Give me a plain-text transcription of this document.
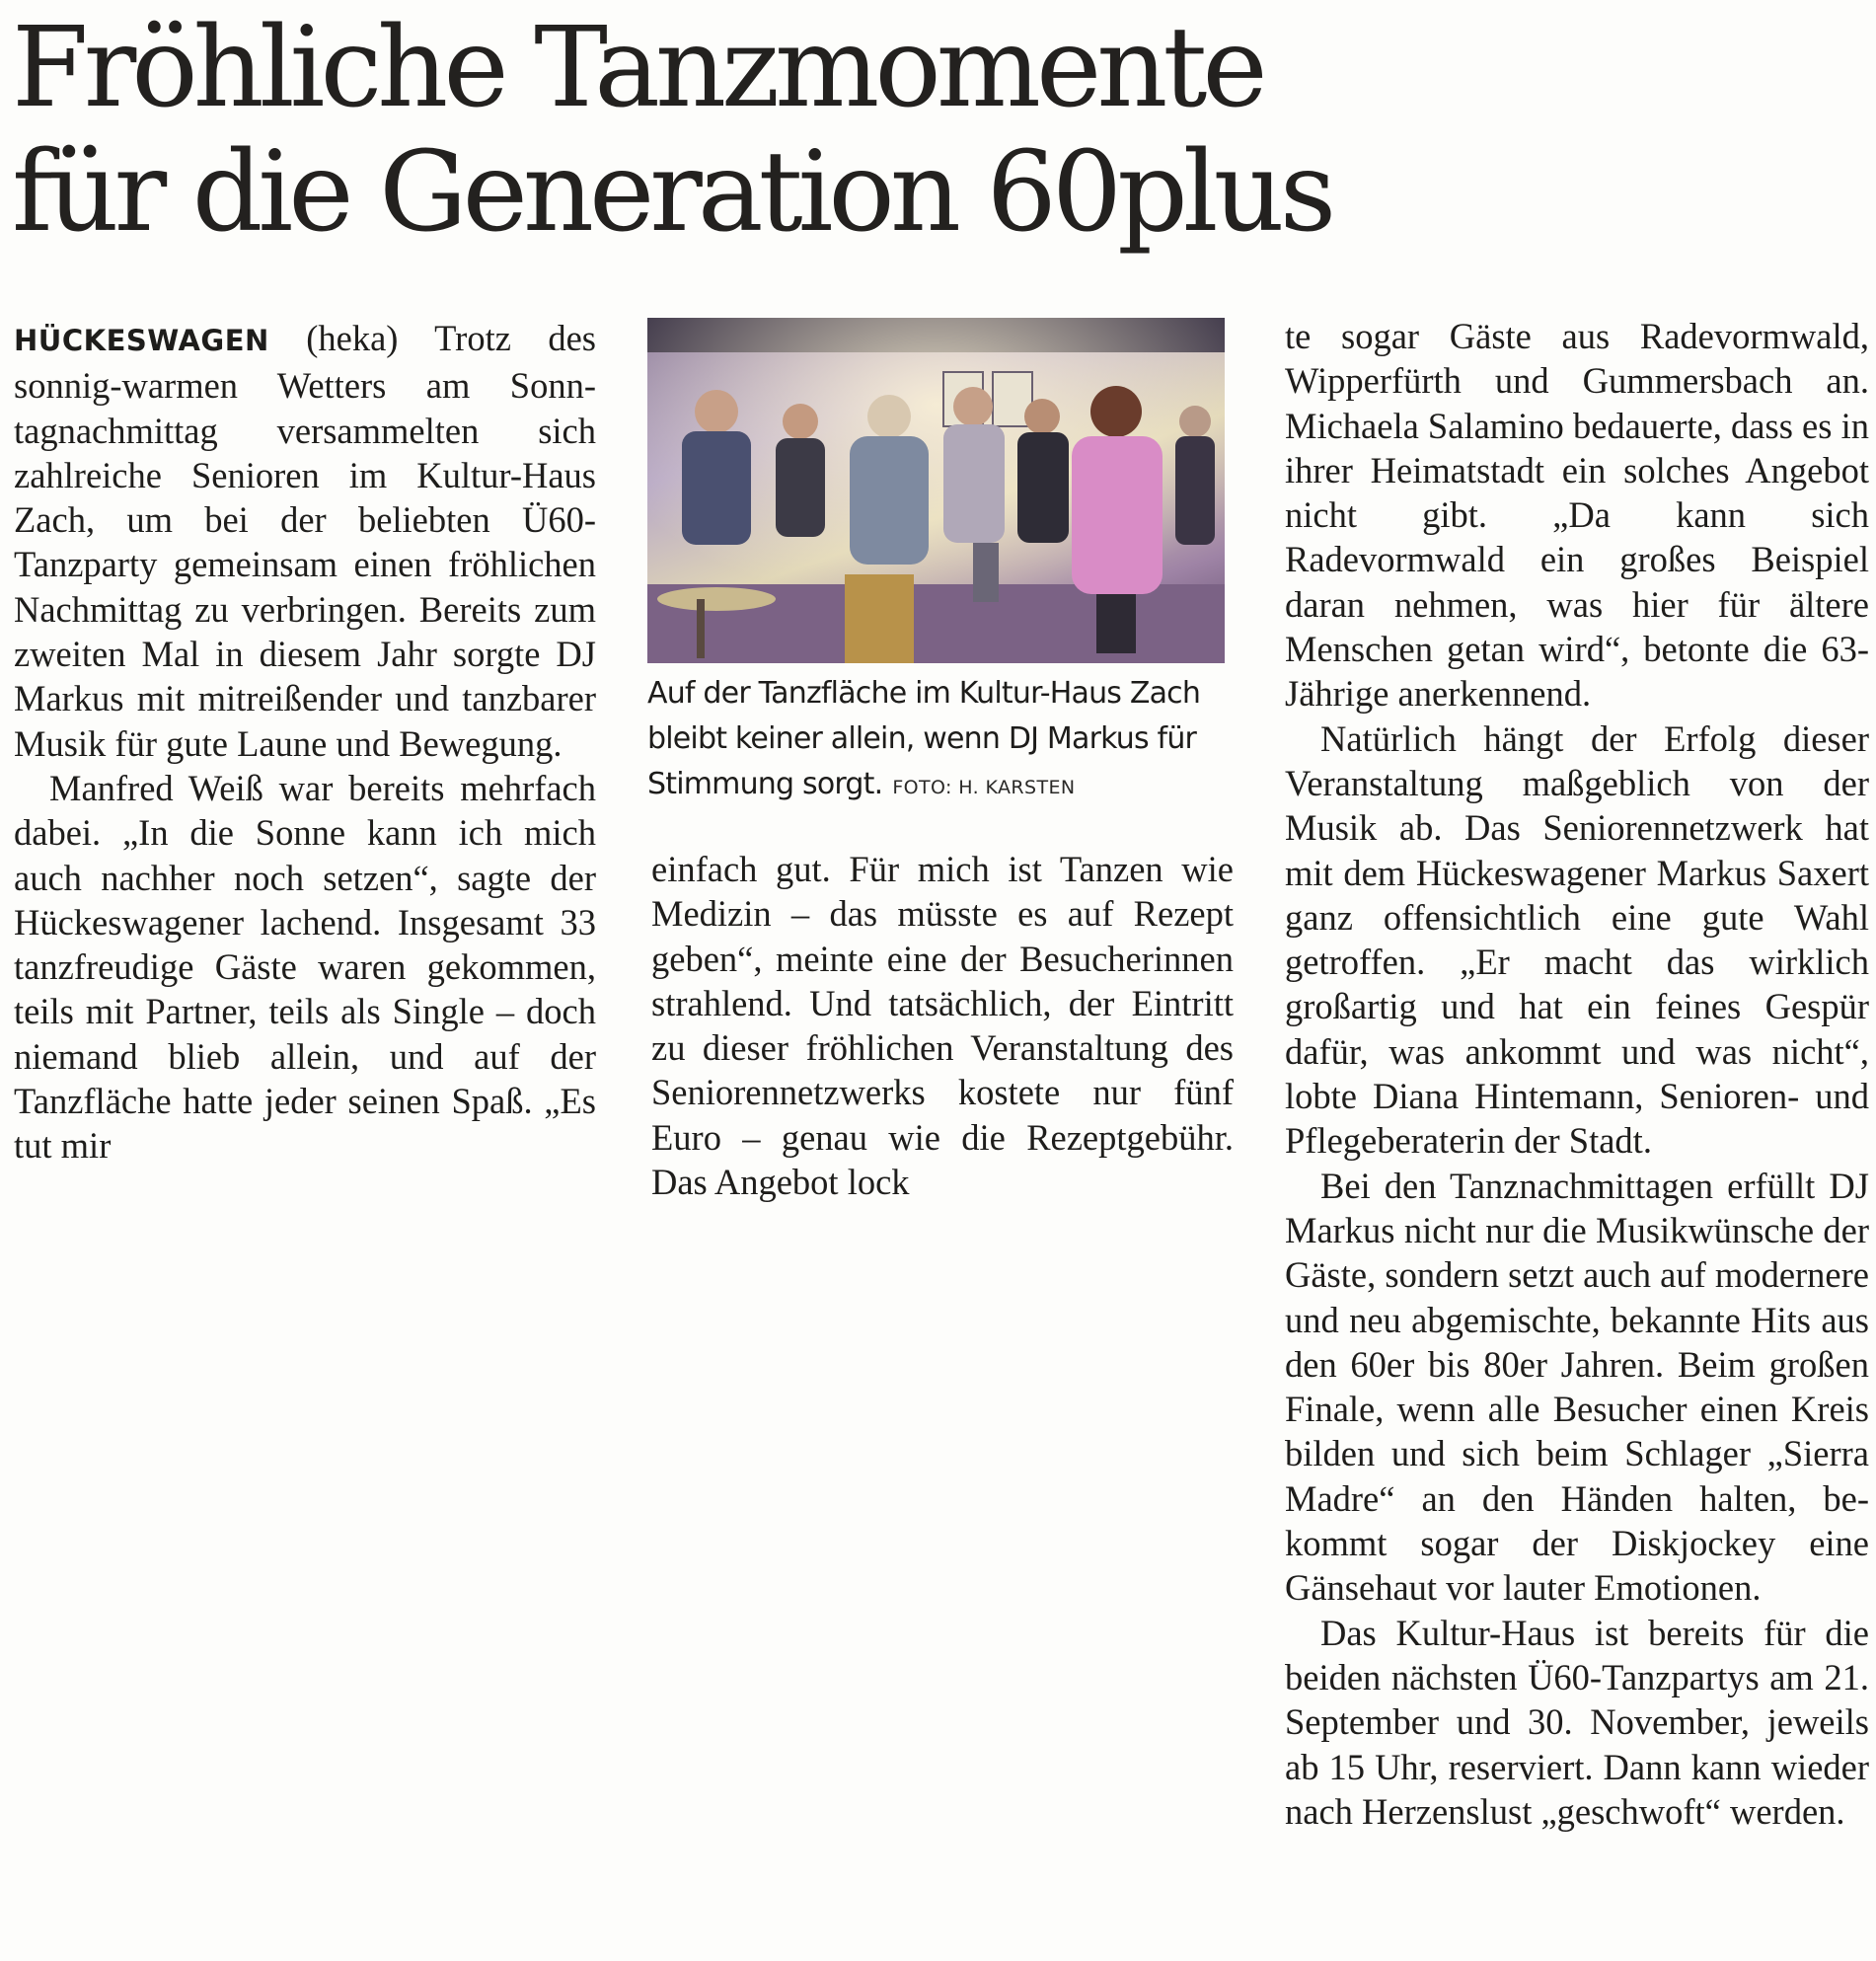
Fröhliche Tanzmomente
für die Generation 60plus

HÜCKESWAGEN (heka) Trotz des sonnig-warmen Wetters am Sonntagnachmittag versammelten sich zahlreiche Senioren im Kultur-Haus Zach, um bei der beliebten Ü60-Tanzparty gemeinsam einen fröhlichen Nachmittag zu verbringen. Bereits zum zweiten Mal in diesem Jahr sorgte DJ Markus mit mitreißender und tanzbarer Musik für gute Laune und Bewegung.

Manfred Weiß war bereits mehrfach dabei. „In die Sonne kann ich mich auch nachher noch setzen“, sagte der Hückeswagener lachend. Insgesamt 33 tanzfreudige Gäste waren gekommen, teils mit Partner, teils als Single – doch niemand blieb allein, und auf der Tanzfläche hatte jeder seinen Spaß. „Es tut mir

Auf der Tanzfläche im Kultur-Haus Zach bleibt keiner allein, wenn DJ Markus für Stimmung sorgt. FOTO: H. KARSTEN

einfach gut. Für mich ist Tanzen wie Medizin – das müsste es auf Rezept geben“, meinte eine der Besucherinnen strahlend. Und tatsächlich, der Eintritt zu dieser fröhlichen Veranstaltung des Seniorennetzwerks kostete nur fünf Euro – genau wie die Rezeptgebühr. Das Angebot lock

te sogar Gäste aus Radevormwald, Wipperfürth und Gummersbach an. Michaela Salamino bedauerte, dass es in ihrer Heimatstadt ein solches Angebot nicht gibt. „Da kann sich Radevormwald ein großes Beispiel daran nehmen, was hier für ältere Menschen getan wird“, betonte die 63-Jährige anerkennend.

Natürlich hängt der Erfolg dieser Veranstaltung maßgeblich von der Musik ab. Das Seniorennetzwerk hat mit dem Hückeswagener Markus Saxert ganz offensichtlich eine gute Wahl getroffen. „Er macht das wirklich großartig und hat ein feines Gespür dafür, was ankommt und was nicht“, lobte Diana Hintemann, Senioren- und Pflegeberaterin der Stadt.

Bei den Tanznachmittagen erfüllt DJ Markus nicht nur die Musikwünsche der Gäste, sondern setzt auch auf modernere und neu abgemischte, bekannte Hits aus den 60er bis 80er Jahren. Beim großen Finale, wenn alle Besucher einen Kreis bilden und sich beim Schlager „Sierra Madre“ an den Händen halten, bekommt sogar der Diskjockey eine Gänsehaut vor lauter Emotionen.

Das Kultur-Haus ist bereits für die beiden nächsten Ü60-Tanzpartys am 21. September und 30. November, jeweils ab 15 Uhr, reserviert. Dann kann wieder nach Herzenslust „geschwoft“ werden.
